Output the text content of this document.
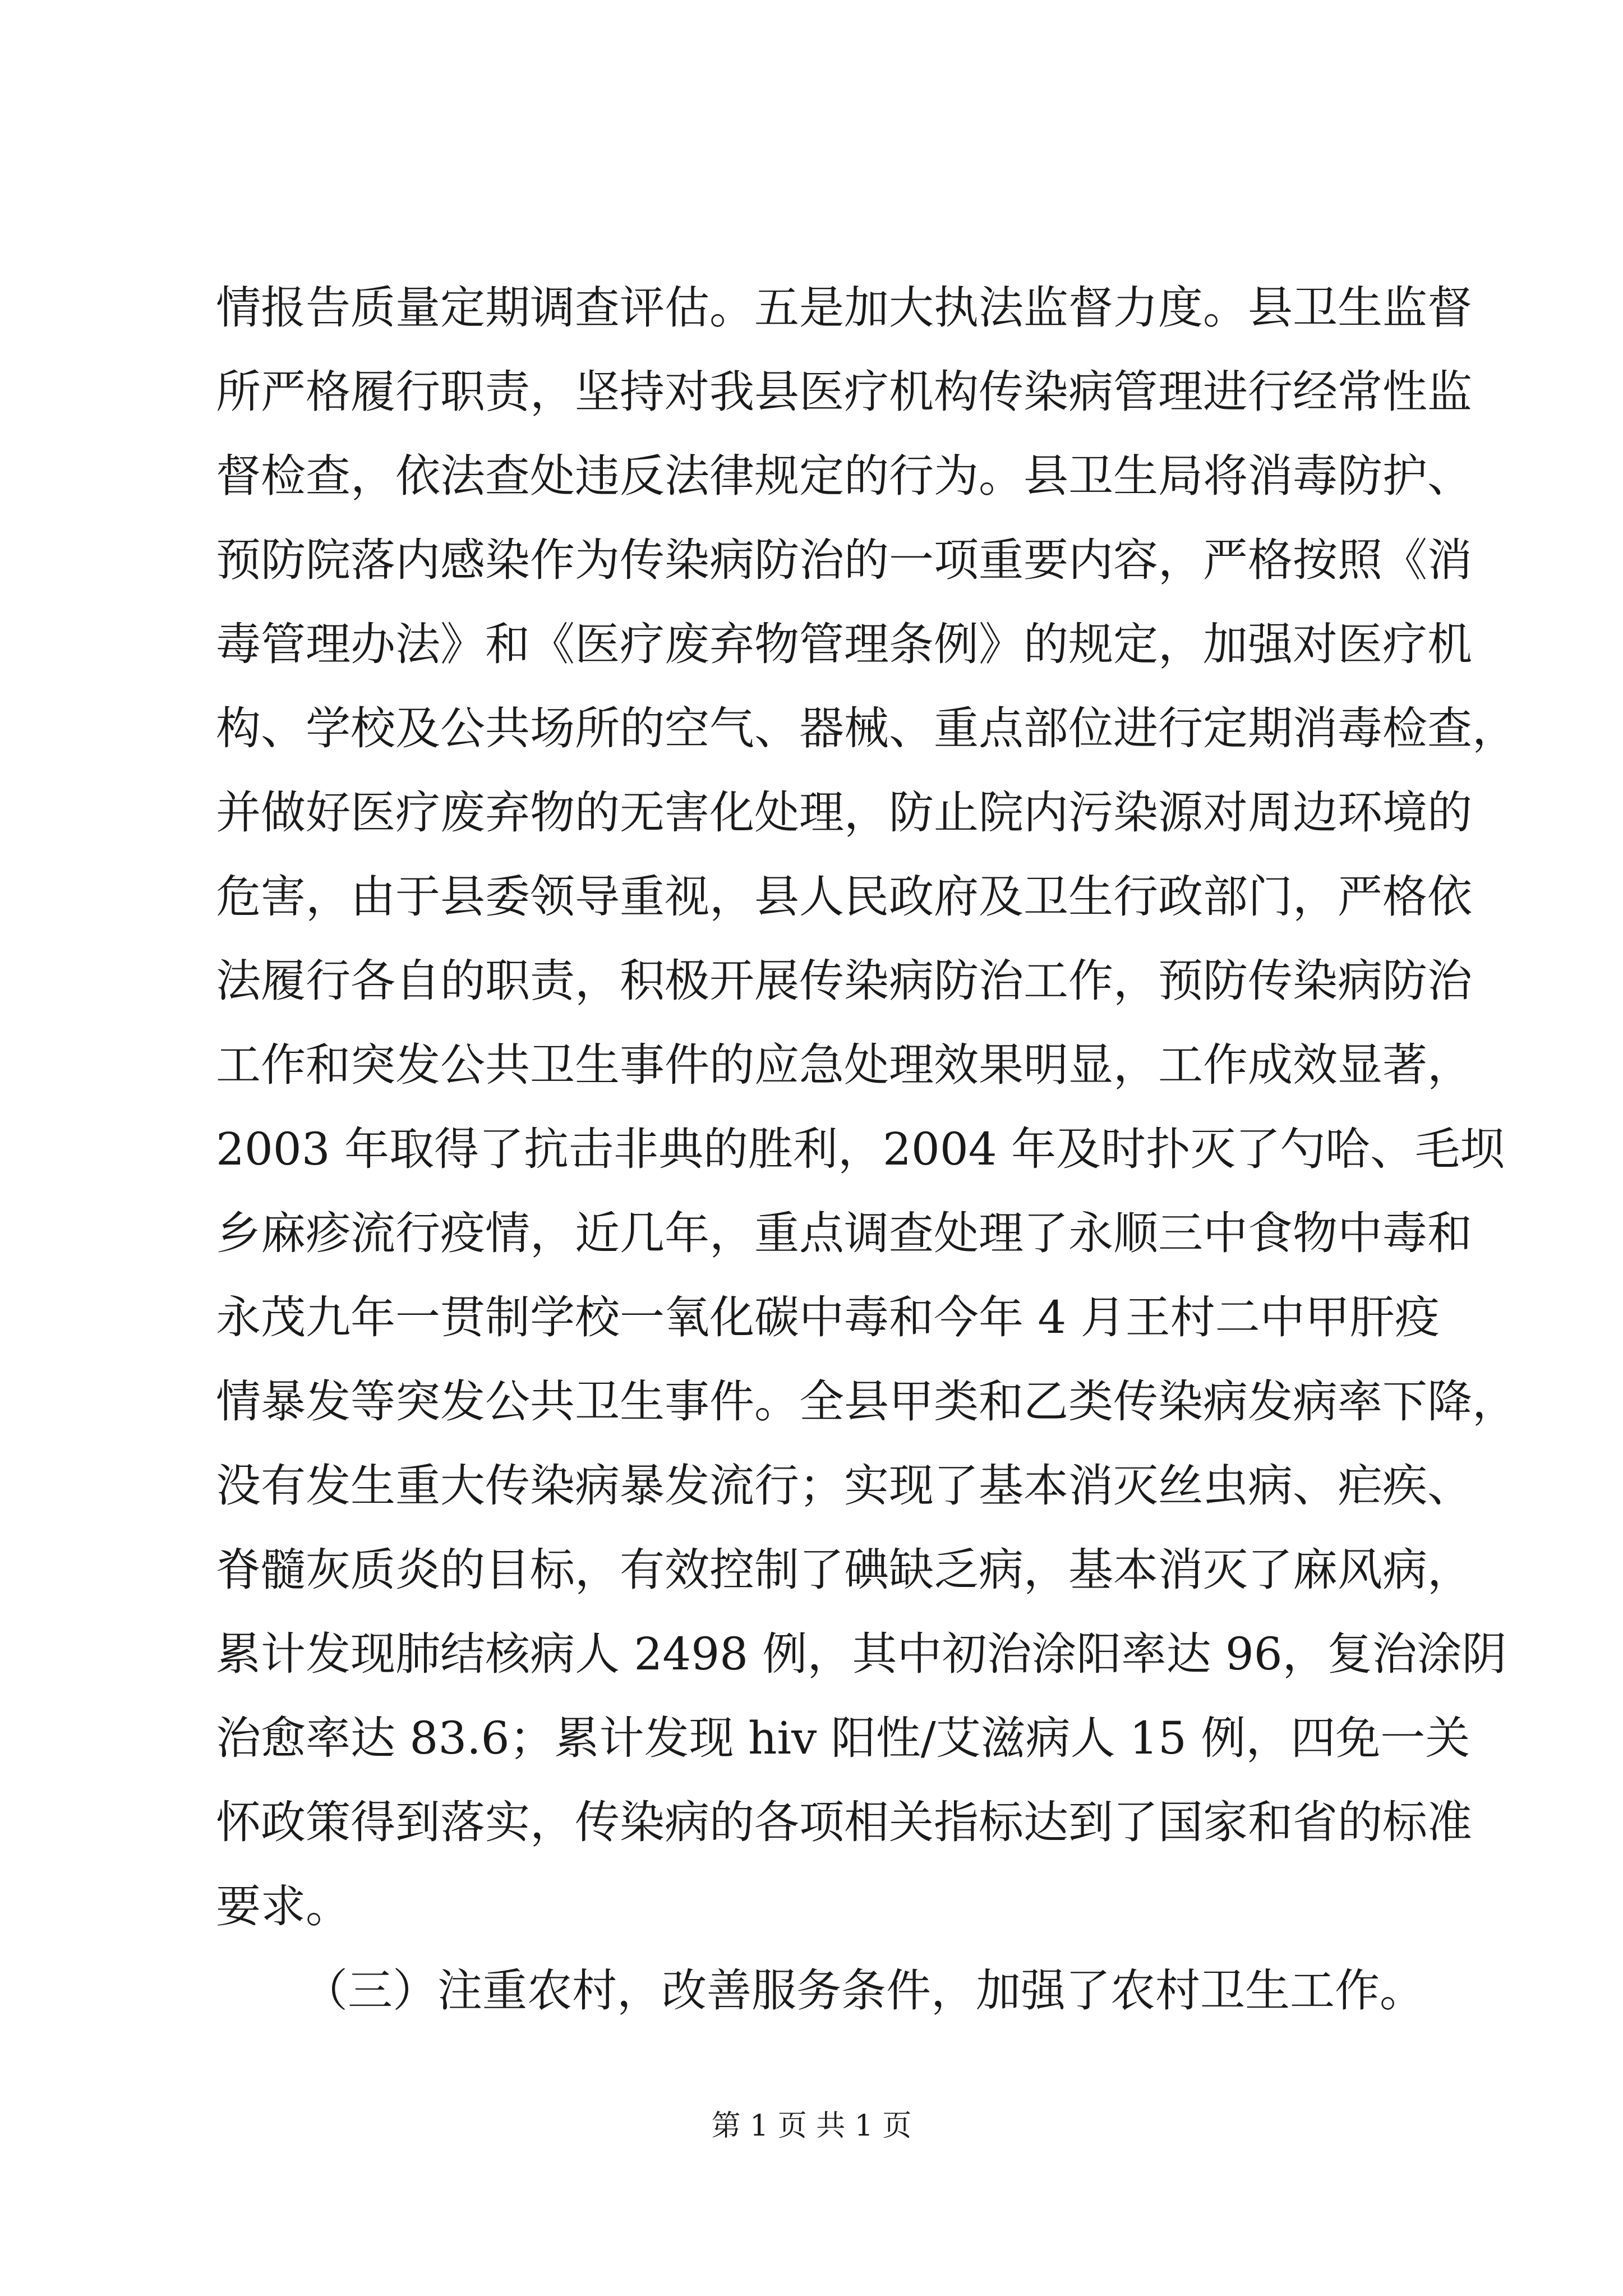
情报告质量定期调查评估。五是加大执法监督力度。县卫生监督
所严格履行职责，坚持对我县医疗机构传染病管理进行经常性监
督检查，依法查处违反法律规定的行为。县卫生局将消毒防护、
预防院落内感染作为传染病防治的一项重要内容，严格按照《消
毒管理办法》和《医疗废弃物管理条例》的规定，加强对医疗机
构、学校及公共场所的空气、器械、重点部位进行定期消毒检查，
并做好医疗废弃物的无害化处理，防止院内污染源对周边环境的
危害，由于县委领导重视，县人民政府及卫生行政部门，严格依
法履行各自的职责，积极开展传染病防治工作，预防传染病防治
工作和突发公共卫生事件的应急处理效果明显，工作成效显著，
2003 年取得了抗击非典的胜利，2004 年及时扑灭了勺哈、毛坝
乡麻疹流行疫情，近几年，重点调查处理了永顺三中食物中毒和
永茂九年一贯制学校一氧化碳中毒和今年 4 月王村二中甲肝疫
情暴发等突发公共卫生事件。全县甲类和乙类传染病发病率下降，
没有发生重大传染病暴发流行；实现了基本消灭丝虫病、疟疾、
脊髓灰质炎的目标，有效控制了碘缺乏病，基本消灭了麻风病，
累计发现肺结核病人 2498 例，其中初治涂阳率达 96，复治涂阴
治愈率达 83.6；累计发现 hiv 阳性/艾滋病人 15 例，四免一关
怀政策得到落实，传染病的各项相关指标达到了国家和省的标准
要求。
（三）注重农村，改善服务条件，加强了农村卫生工作。
第 1 页 共 1 页
